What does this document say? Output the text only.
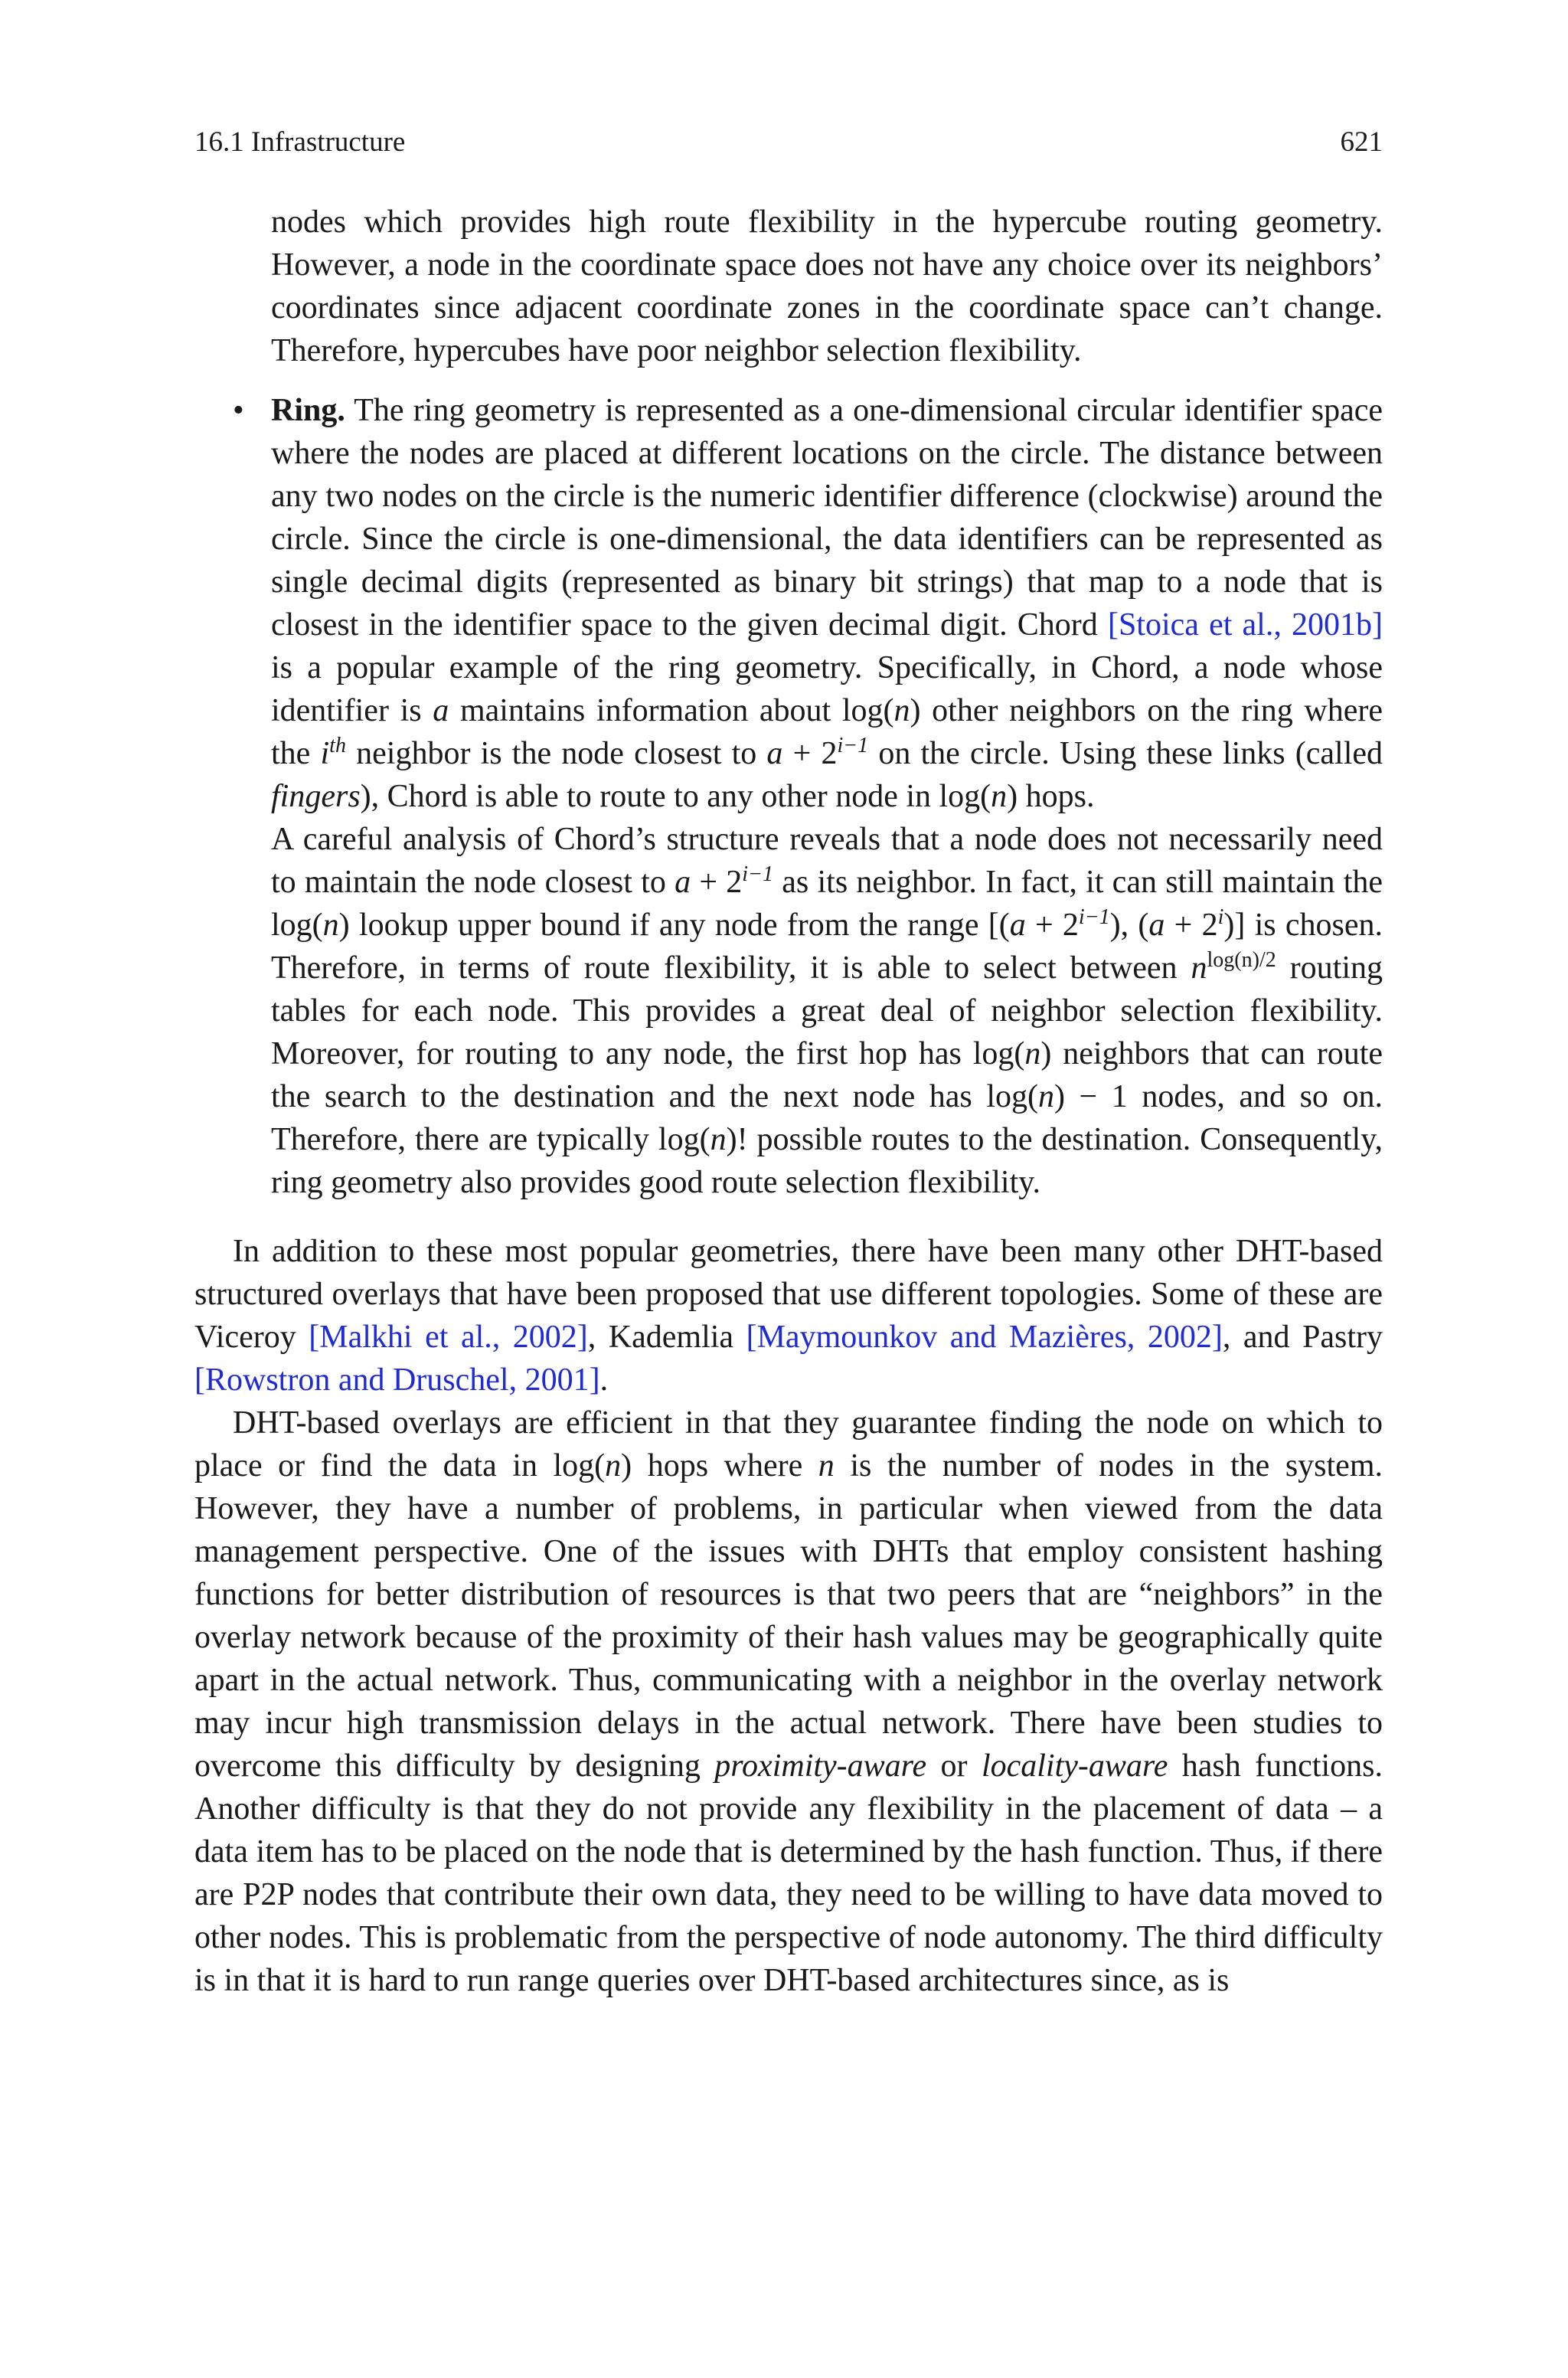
16.1 Infrastructure	621

nodes which provides high route flexibility in the hypercube routing geometry. However, a node in the coordinate space does not have any choice over its neighbors’ coordinates since adjacent coordinate zones in the coordinate space can’t change. Therefore, hypercubes have poor neighbor selection flexibility.

• Ring. The ring geometry is represented as a one-dimensional circular identifier space where the nodes are placed at different locations on the circle. The distance between any two nodes on the circle is the numeric identifier difference (clockwise) around the circle. Since the circle is one-dimensional, the data identifiers can be represented as single decimal digits (represented as binary bit strings) that map to a node that is closest in the identifier space to the given decimal digit. Chord [Stoica et al., 2001b] is a popular example of the ring geometry. Specifically, in Chord, a node whose identifier is a maintains information about log(n) other neighbors on the ring where the $i^{th}$ neighbor is the node closest to $a + 2^{i-1}$ on the circle. Using these links (called fingers), Chord is able to route to any other node in log(n) hops.

A careful analysis of Chord’s structure reveals that a node does not necessarily need to maintain the node closest to $a + 2^{i-1}$ as its neighbor. In fact, it can still maintain the log(n) lookup upper bound if any node from the range [$(a + 2^{i-1})$, $(a + 2^i)$] is chosen. Therefore, in terms of route flexibility, it is able to select between $n^{log(n)/2}$ routing tables for each node. This provides a great deal of neighbor selection flexibility. Moreover, for routing to any node, the first hop has log(n) neighbors that can route the search to the destination and the next node has log(n) − 1 nodes, and so on. Therefore, there are typically log(n)! possible routes to the destination. Consequently, ring geometry also provides good route selection flexibility.

In addition to these most popular geometries, there have been many other DHT-based structured overlays that have been proposed that use different topologies. Some of these are Viceroy [Malkhi et al., 2002], Kademlia [Maymounkov and Mazières, 2002], and Pastry [Rowstron and Druschel, 2001].

DHT-based overlays are efficient in that they guarantee finding the node on which to place or find the data in log(n) hops where n is the number of nodes in the system. However, they have a number of problems, in particular when viewed from the data management perspective. One of the issues with DHTs that employ consistent hashing functions for better distribution of resources is that two peers that are “neighbors” in the overlay network because of the proximity of their hash values may be geographically quite apart in the actual network. Thus, communicating with a neighbor in the overlay network may incur high transmission delays in the actual network. There have been studies to overcome this difficulty by designing proximity-aware or locality-aware hash functions. Another difficulty is that they do not provide any flexibility in the placement of data – a data item has to be placed on the node that is determined by the hash function. Thus, if there are P2P nodes that contribute their own data, they need to be willing to have data moved to other nodes. This is problematic from the perspective of node autonomy. The third difficulty is in that it is hard to run range queries over DHT-based architectures since, as is
